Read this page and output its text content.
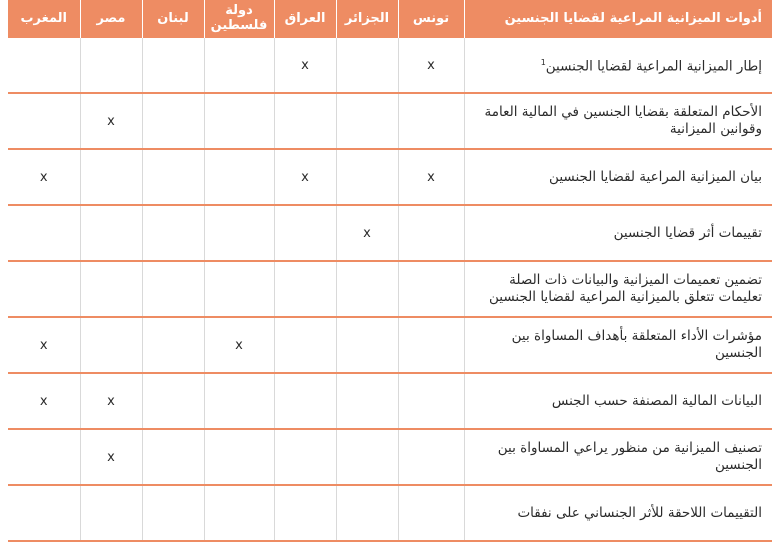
أدوات الميزانية المراعية لقضايا الجنسين	تونس	الجزائر	العراق	دولة فلسطين	لبنان	مصر	المغرب
إطار الميزانية المراعية لقضايا الجنسين$^1$	x		x				
الأحكام المتعلقة بقضايا الجنسين في المالية العامة وقوانين الميزانية						x	
بيان الميزانية المراعية لقضايا الجنسين	x		x				x
تقييمات أثر قضايا الجنسين		x					
تضمين تعميمات الميزانية والبيانات ذات الصلة تعليمات تتعلق بالميزانية المراعية لقضايا الجنسين							
مؤشرات الأداء المتعلقة بأهداف المساواة بين الجنسين				x			x
البيانات المالية المصنفة حسب الجنس						x	x
تصنيف الميزانية من منظور يراعي المساواة بين الجنسين						x	
التقييمات اللاحقة للأثر الجنساني على نفقات							
